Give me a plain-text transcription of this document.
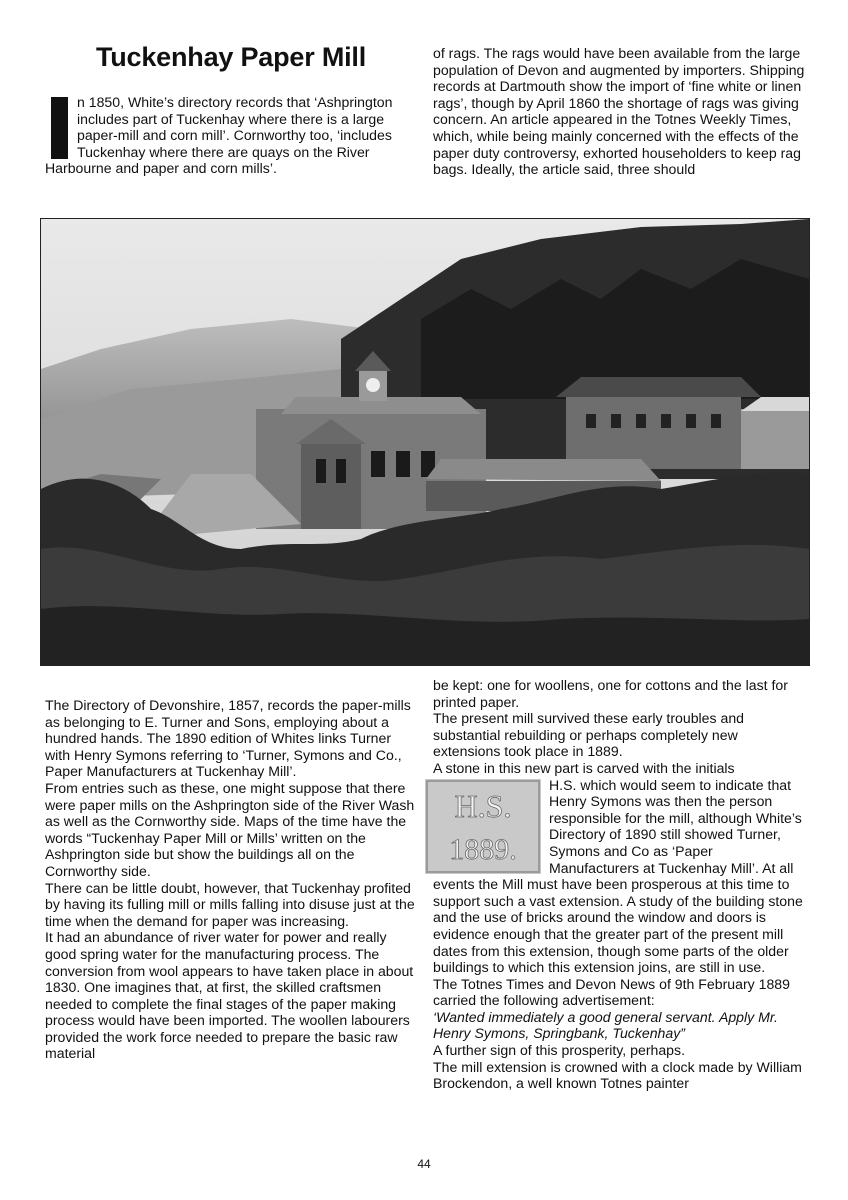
Tuckenhay Paper Mill
n 1850, White’s directory records that ‘Ashprington includes part of Tuckenhay where there is a large paper-mill and corn mill’. Cornworthy too, ‘includes Tuckenhay where there are quays on the River Harbourne and paper and corn mills’.

of rags. The rags would have been available from the large population of Devon and augmented by importers. Shipping records at Dartmouth show the import of ‘fine white or linen rags’, though by April 1860 the shortage of rags was giving concern. An article appeared in the Totnes Weekly Times, which, while being mainly concerned with the effects of the paper duty controversy, exhorted householders to keep rag bags. Ideally, the article said, three should

The Directory of Devonshire, 1857, records the paper-mills as belonging to E. Turner and Sons, employing about a hundred hands. The 1890 edition of Whites links Turner with Henry Symons referring to ‘Turner, Symons and Co., Paper Manufacturers at Tuckenhay Mill’.

From entries such as these, one might suppose that there were paper mills on the Ashprington side of the River Wash as well as the Cornworthy side. Maps of the time have the words “Tuckenhay Paper Mill or Mills’ written on the Ashprington side but show the buildings all on the Cornworthy side.

There can be little doubt, however, that Tuckenhay profited by having its fulling mill or mills falling into disuse just at the time when the demand for paper was increasing.

It had an abundance of river water for power and really good spring water for the manufacturing process. The conversion from wool appears to have taken place in about 1830. One imagines that, at first, the skilled craftsmen needed to complete the final stages of the paper making process would have been imported. The woollen labourers provided the work force needed to prepare the basic raw material

be kept: one for woollens, one for cottons and the last for printed paper.

The present mill survived these early troubles and substantial rebuilding or perhaps completely new extensions took place in 1889.

A stone in this new part is carved with the initials

H.S.
1889.

H.S. which would seem to indicate that Henry Symons was then the person responsible for the mill, although White’s Directory of 1890 still showed Turner, Symons and Co as ‘Paper Manufacturers at Tuckenhay Mill’. At all events the Mill must have been prosperous at this time to support such a vast extension. A study of the building stone and the use of bricks around the window and doors is evidence enough that the greater part of the present mill dates from this extension, though some parts of the older buildings to which this extension joins, are still in use.

The Totnes Times and Devon News of 9th February 1889 carried the following advertisement:

‘Wanted immediately a good general servant. Apply Mr. Henry Symons, Springbank, Tuckenhay”

A further sign of this prosperity, perhaps.

The mill extension is crowned with a clock made by William Brockendon, a well known Totnes painter

44
